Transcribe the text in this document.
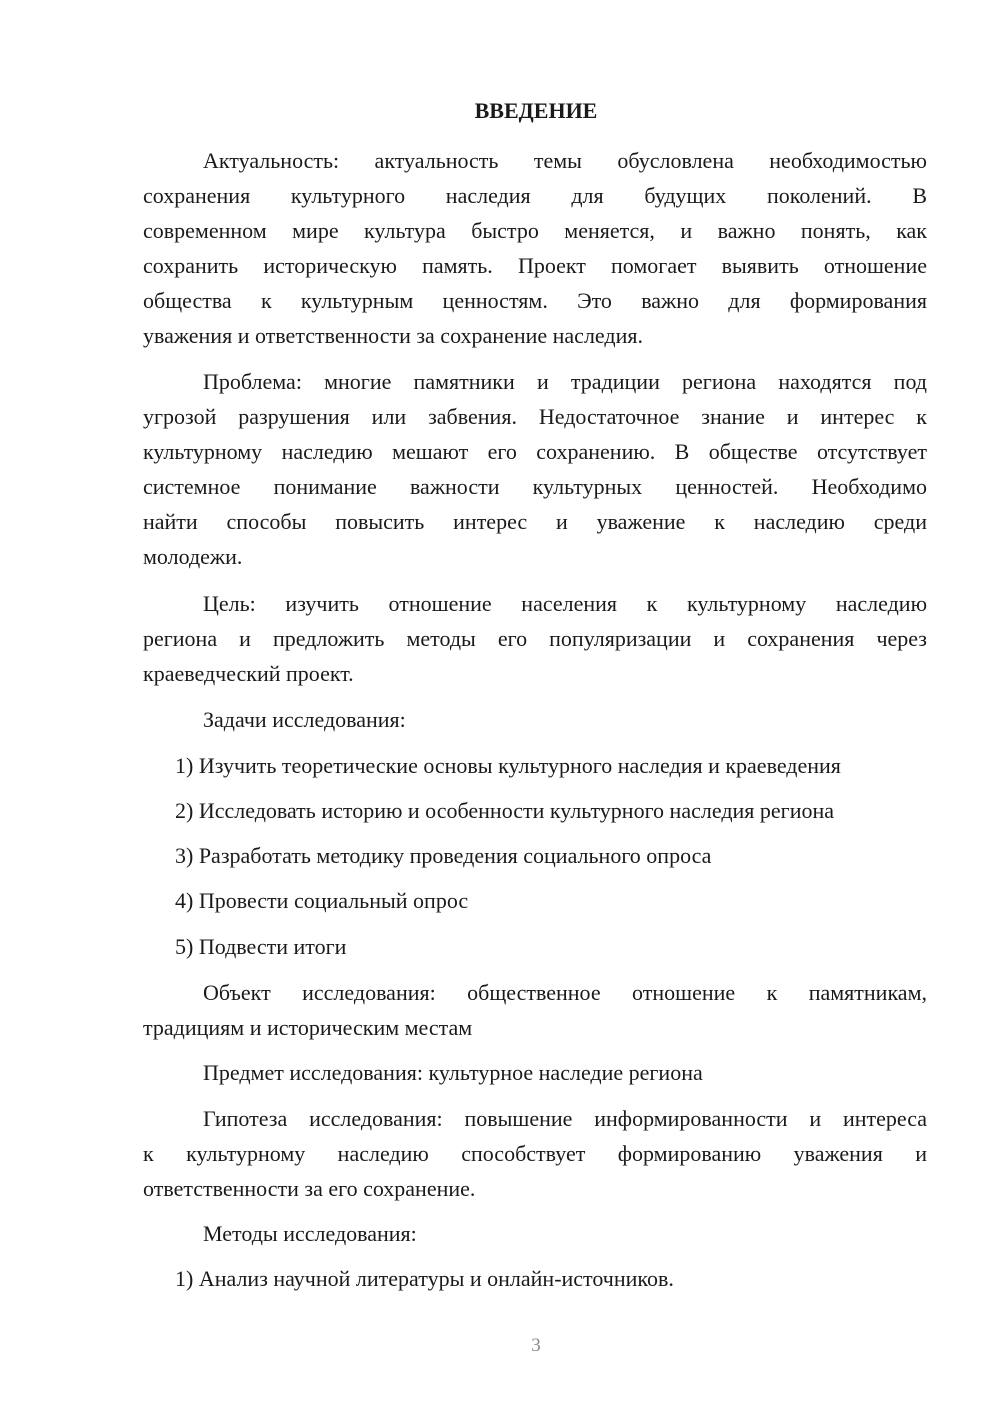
ВВЕДЕНИЕ
Актуальность: актуальность темы обусловлена необходимостью
сохранения культурного наследия для будущих поколений. В
современном мире культура быстро меняется, и важно понять, как
сохранить историческую память. Проект помогает выявить отношение
общества к культурным ценностям. Это важно для формирования
уважения и ответственности за сохранение наследия.
Проблема: многие памятники и традиции региона находятся под
угрозой разрушения или забвения. Недостаточное знание и интерес к
культурному наследию мешают его сохранению. В обществе отсутствует
системное понимание важности культурных ценностей. Необходимо
найти способы повысить интерес и уважение к наследию среди
молодежи.
Цель: изучить отношение населения к культурному наследию
региона и предложить методы его популяризации и сохранения через
краеведческий проект.
Задачи исследования:
1) Изучить теоретические основы культурного наследия и краеведения
2) Исследовать историю и особенности культурного наследия региона
3) Разработать методику проведения социального опроса
4) Провести социальный опрос
5) Подвести итоги
Объект исследования: общественное отношение к памятникам,
традициям и историческим местам
Предмет исследования: культурное наследие региона
Гипотеза исследования: повышение информированности и интереса
к культурному наследию способствует формированию уважения и
ответственности за его сохранение.
Методы исследования:
1) Анализ научной литературы и онлайн-источников.
3
